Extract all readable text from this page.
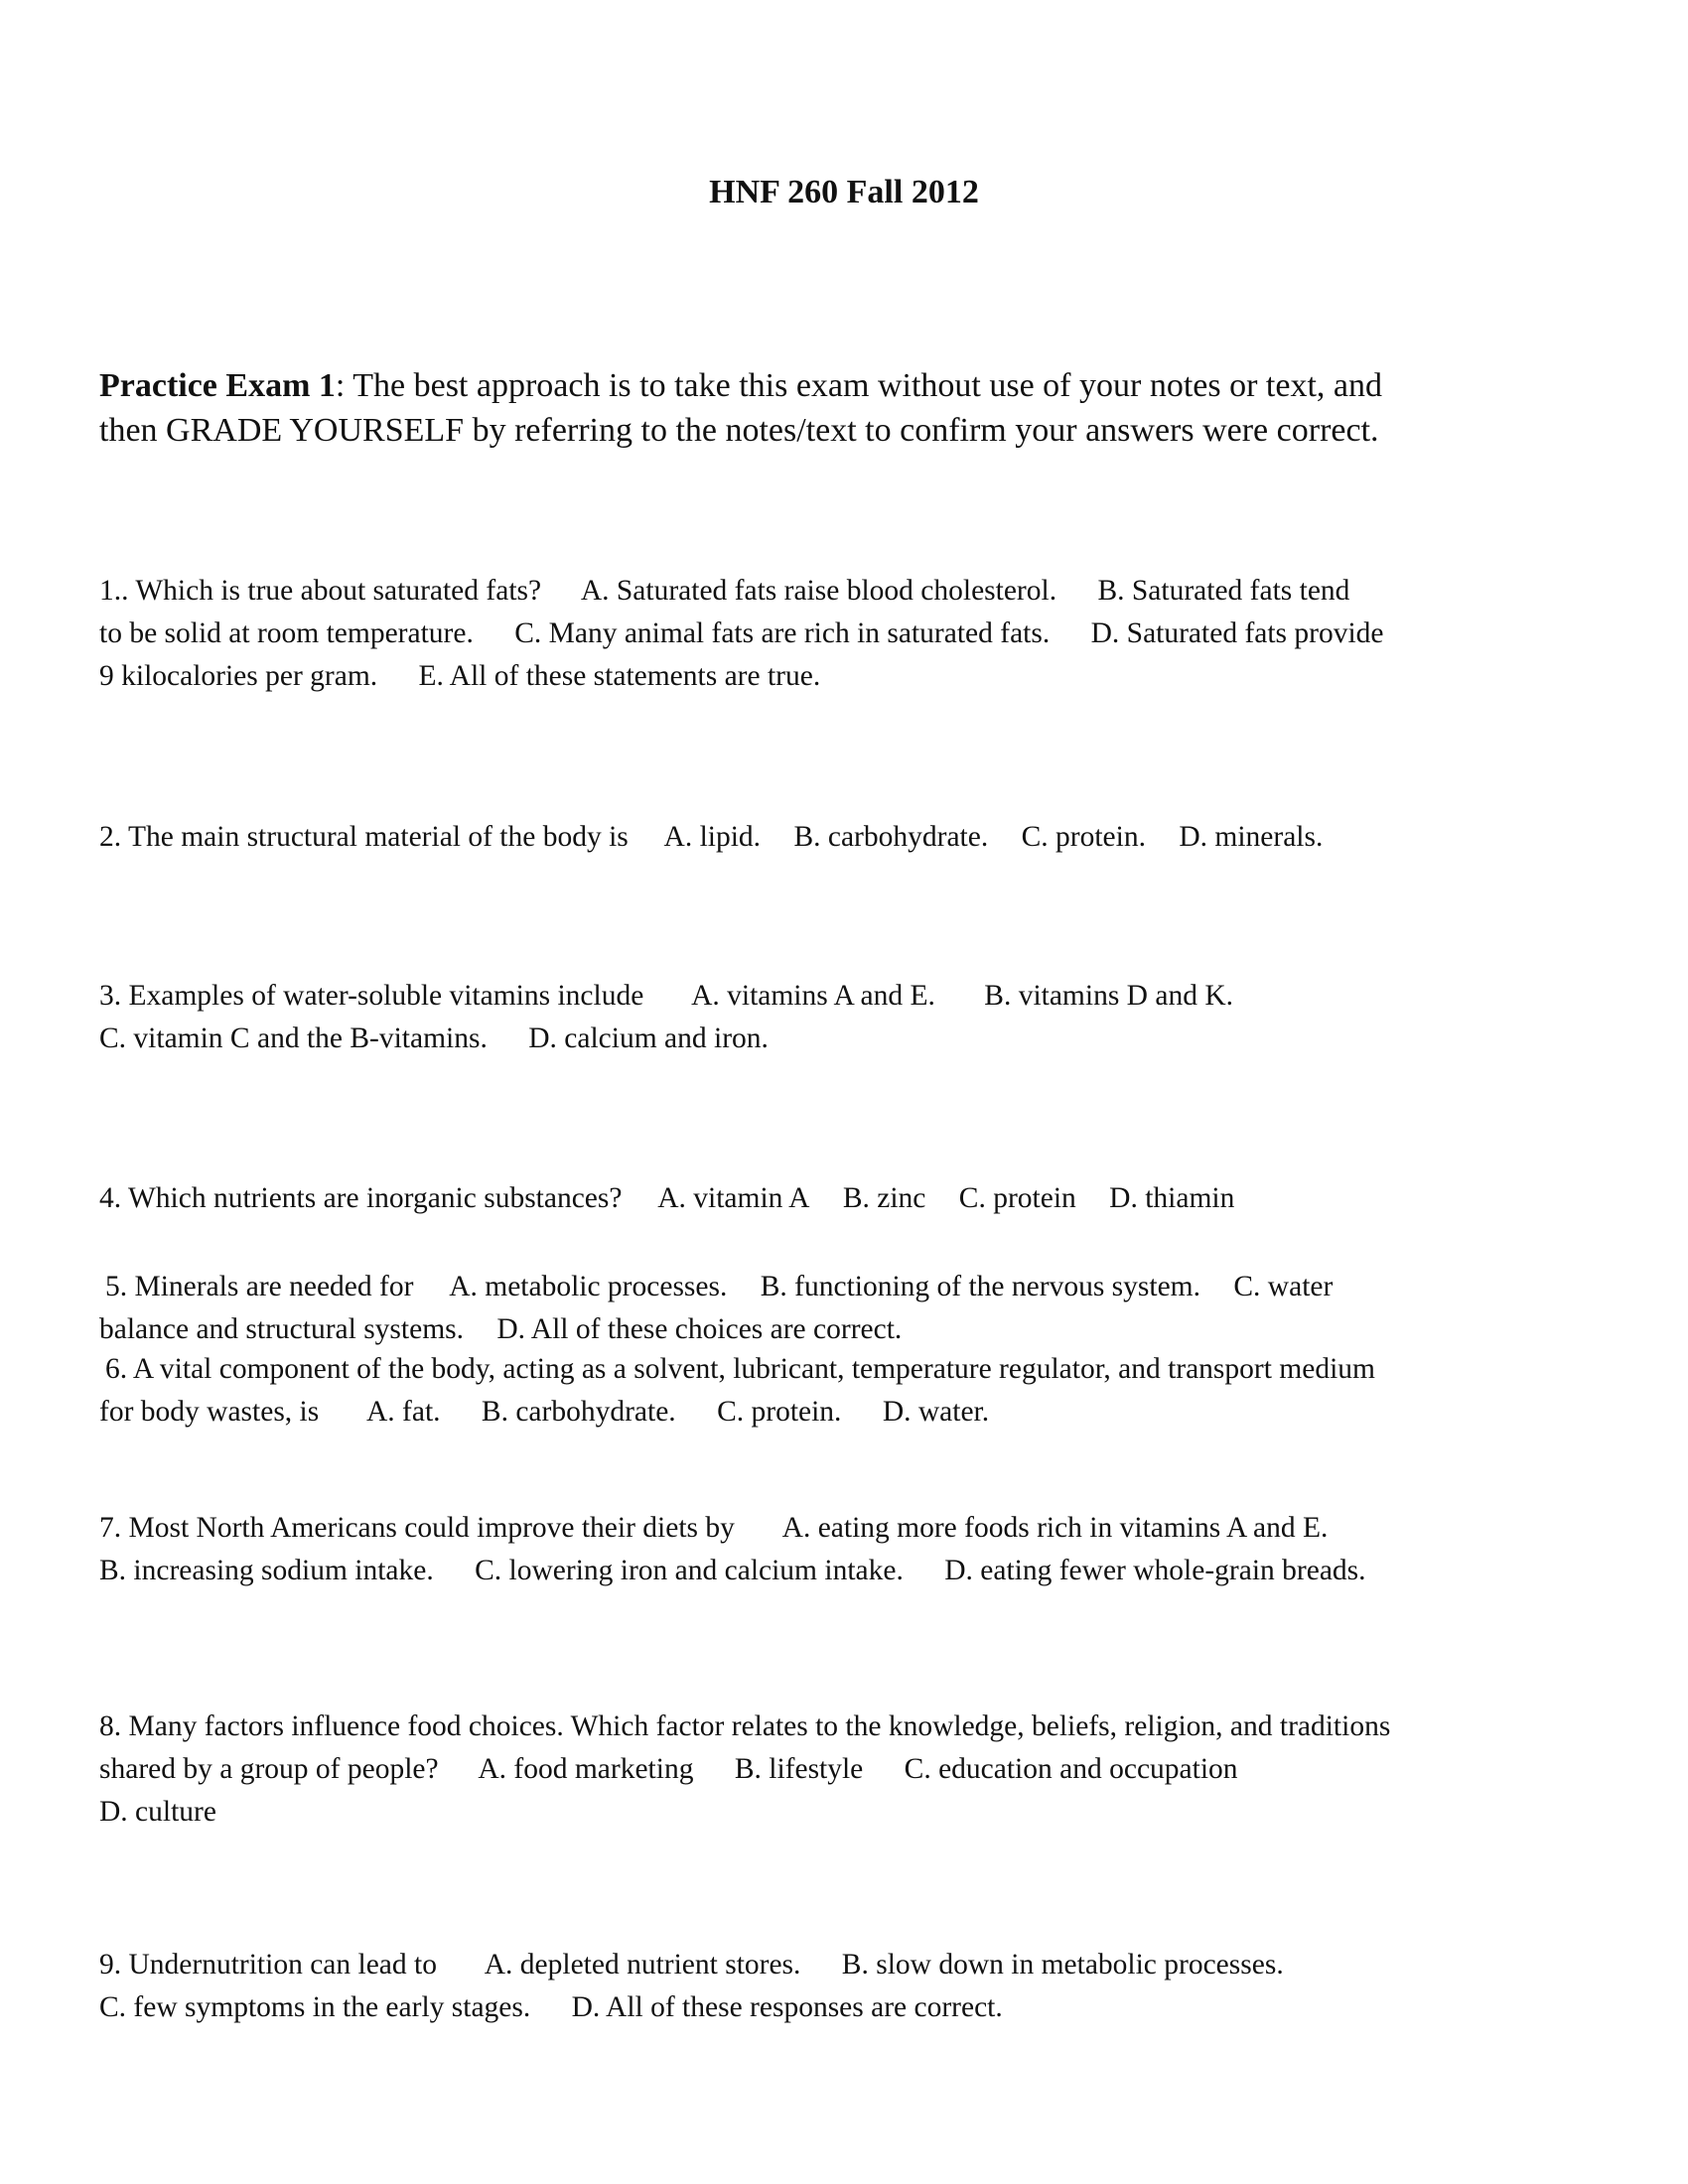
HNF 260 Fall 2012
Practice Exam 1: The best approach is to take this exam without use of your notes or text, and
then GRADE YOURSELF by referring to the notes/text to confirm your answers were correct.
1.. Which is true about saturated fats? A. Saturated fats raise blood cholesterol. B. Saturated fats tend
to be solid at room temperature. C. Many animal fats are rich in saturated fats. D. Saturated fats provide
9 kilocalories per gram. E. All of these statements are true.
2. The main structural material of the body is A. lipid. B. carbohydrate. C. protein. D. minerals.
3. Examples of water-soluble vitamins include A. vitamins A and E. B. vitamins D and K.
C. vitamin C and the B-vitamins. D. calcium and iron.
4. Which nutrients are inorganic substances? A. vitamin A B. zinc C. protein D. thiamin
5. Minerals are needed for A. metabolic processes. B. functioning of the nervous system. C. water
balance and structural systems. D. All of these choices are correct.
6. A vital component of the body, acting as a solvent, lubricant, temperature regulator, and transport medium
for body wastes, is A. fat. B. carbohydrate. C. protein. D. water.
7. Most North Americans could improve their diets by A. eating more foods rich in vitamins A and E.
B. increasing sodium intake. C. lowering iron and calcium intake. D. eating fewer whole-grain breads.
8. Many factors influence food choices. Which factor relates to the knowledge, beliefs, religion, and traditions
shared by a group of people? A. food marketing B. lifestyle C. education and occupation
D. culture
9. Undernutrition can lead to A. depleted nutrient stores. B. slow down in metabolic processes.
C. few symptoms in the early stages. D. All of these responses are correct.
